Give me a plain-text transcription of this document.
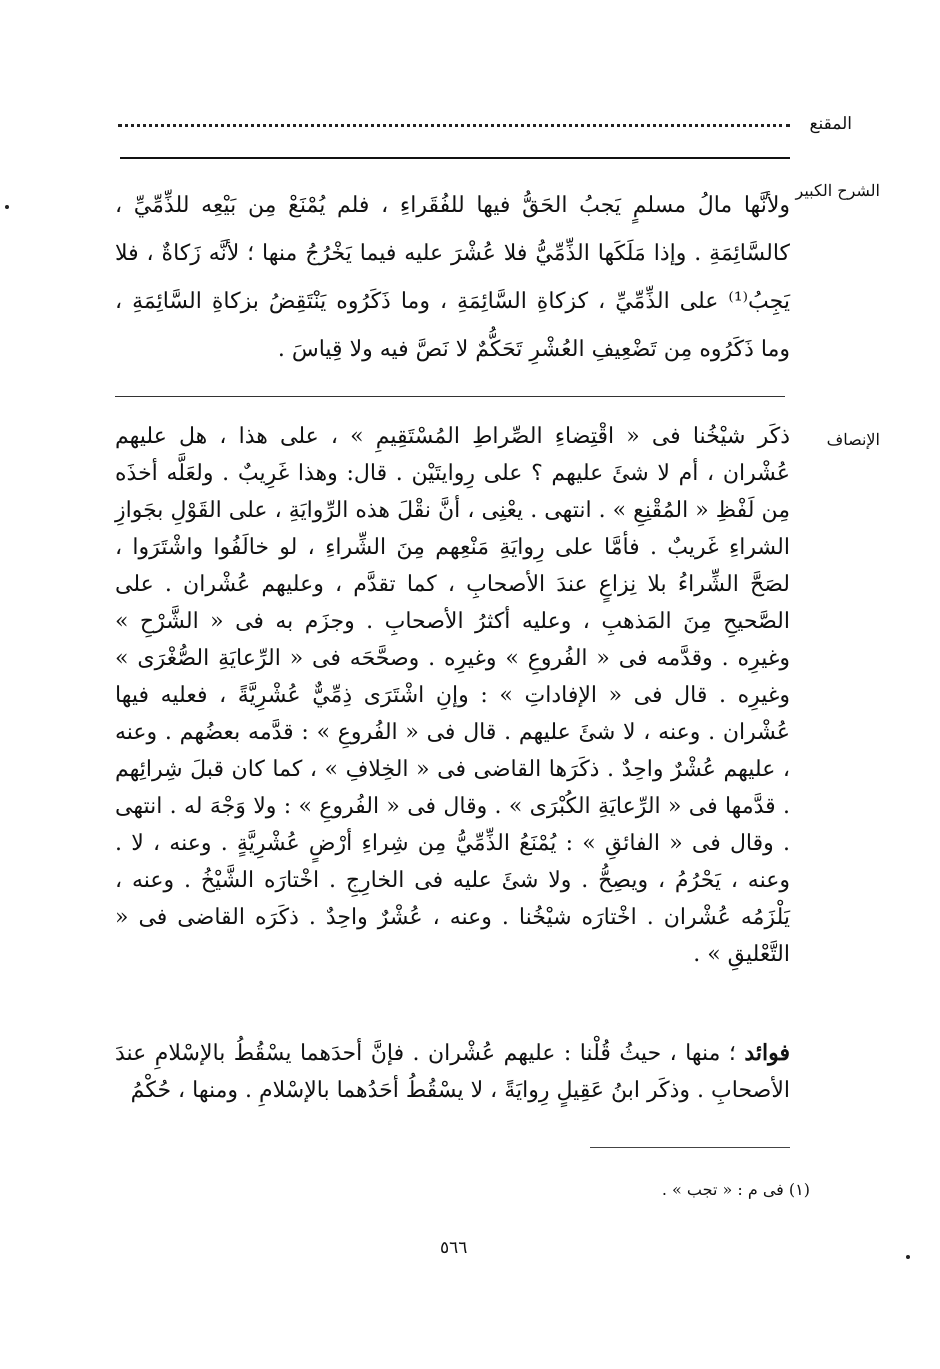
المقنع
الشرح الكبير

ولأنَّها مالُ مسلمٍ يَجبُ الحَقُّ فيها للفُقَراءِ ، فلم يُمْنَعْ مِن بَيْعِه للذِّمِّيِّ ، كالسَّائِمَةِ . وإذا مَلَكَها الذِّمِّيُّ فلا عُشْرَ عليه فيما يَخْرُجُ منها ؛ لأنَّه زَكاةٌ ، فلا يَجِبُ⁽¹⁾ على الذِّمِّيِّ ، كزكاةِ السَّائِمَةِ ، وما ذَكَرُوه يَنْتَقِضُ بزكاةِ السَّائِمَةِ ، وما ذَكَرُوه مِن تَضْعِيفِ العُشْرِ تَحَكُّمٌ لا نَصَّ فيه ولا قِياسَ .

الإنصاف

ذكَر شيْخُنا فى « اقْتِضاءِ الصِّراطِ المُسْتَقِيمِ » ، على هذا ، هل عليهم عُشْران ، أم لا شئَ عليهم ؟ على رِوايتَيْن . قال: وهذا غَرِيبٌ . ولعَلَّه أخذَه مِن لَفْظِ « المُقْنِعِ » . انتهى . يعْنِى ، أنَّ نقْلَ هذه الرِّوايَةِ ، على القَوْلِ بجَوازِ الشراءِ غَريبٌ . فأمَّا على رِوايَةِ مَنْعِهم مِنَ الشِّراءِ ، لو خالَفُوا واشْتَرَوا ، لصَحَّ الشِّراءُ بلا نِزاعٍ عندَ الأصحابِ ، كما تقدَّم ، وعليهم عُشْران . على الصَّحيحِ مِنَ المَذهبِ ، وعليه أكثرُ الأصحابِ . وجزَم به فى « الشَّرْحِ » وغيرِه . وقدَّمه فى « الفُروعِ » وغيرِه . وصحَّحَه فى « الرِّعايَةِ الصُّغْرَى » وغيرِه . قال فى « الإفاداتِ » : وإنِ اشْتَرَى ذِمِّيٌّ عُشْرِيَّةً ، فعليه فيها عُشْران . وعنه ، لا شئَ عليهم . قال فى « الفُروعِ » : قدَّمه بعضُهم . وعنه ، عليهم عُشْرٌ واحِدٌ . ذكَرَها القاضى فى « الخِلافِ » ، كما كان قبلَ شِرائِهم . قدَّمها فى « الرِّعايَةِ الكُبْرَى » . وقال فى « الفُروعِ » : ولا وَجْهَ له . انتهى . وقال فى « الفائقِ » : يُمْنَعُ الذِّمِّيُّ مِن شِراءِ أرْضٍ عُشْرِيَّةٍ . وعنه ، لا . وعنه ، يَحْرُمُ ، ويصِحُّ . ولا شئَ عليه فى الخارِجِ . اخْتارَه الشَّيْخُ . وعنه ، يَلْزَمُه عُشْران . اخْتارَه شيْخُنا . وعنه ، عُشْرٌ واحِدٌ . ذكَرَه القاضى فى « التَّعْليقِ » .

فوائد ؛ منها ، حيثُ قُلْنا : عليهم عُشْران . فإنَّ أحدَهما يسْقُطُ بالإسْلامِ عندَ الأصحابِ . وذكَر ابنُ عَقِيلٍ رِوايَةً ، لا يسْقُطُ أحَدُهما بالإسْلامِ . ومنها ، حُكْمُ

(١) فى م : « تجب » .
٥٦٦
